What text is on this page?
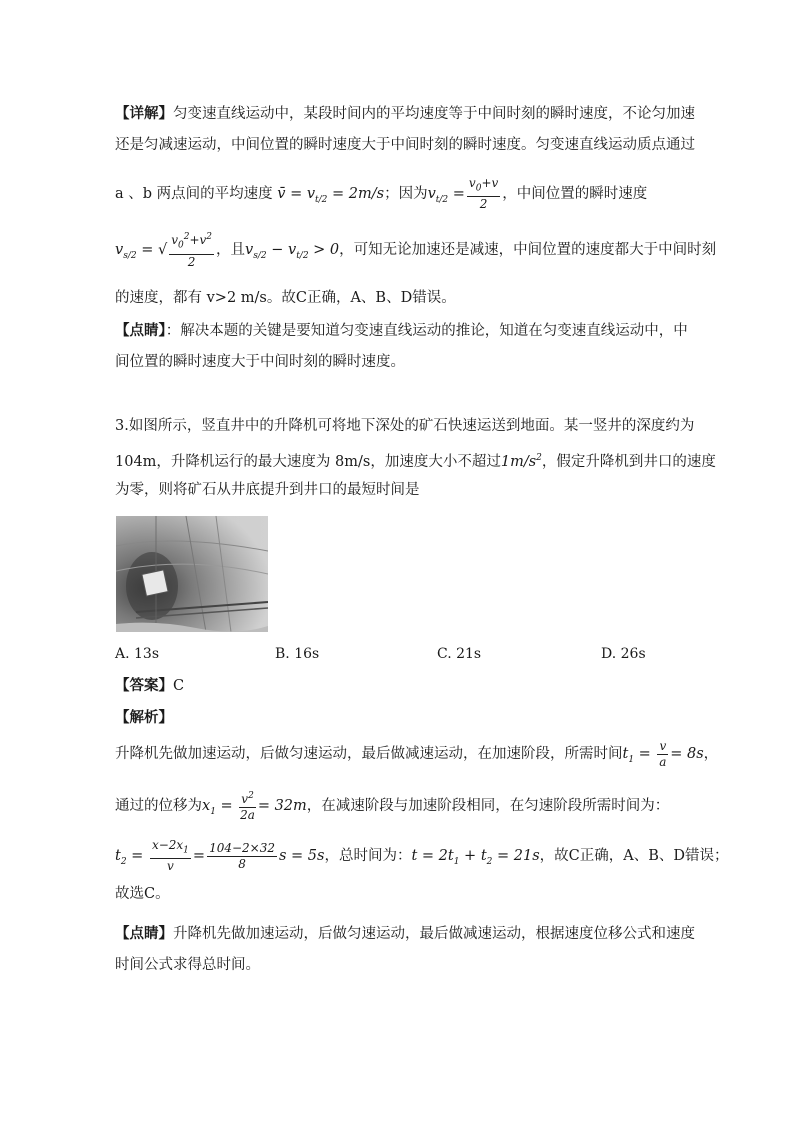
【详解】匀变速直线运动中，某段时间内的平均速度等于中间时刻的瞬时速度，不论匀加速
还是匀减速运动，中间位置的瞬时速度大于中间时刻的瞬时速度。匀变速直线运动质点通过
a 、b 两点间的平均速度 v̄ = $v_{t/2} = 2m/s$；因为$v_{t/2} = \frac{v_0+v}{2}$ ，中间位置的瞬时速度
$v_{s/2}$ = √ $\frac{v_0^2+v^2}{2}$ ，且$v_{s/2} - v_{t/2} > 0$，可知无论加速还是减速，中间位置的速度都大于中间时刻
的速度，都有 v>2 m/s。故C正确，A、B、D错误。
【点睛】：解决本题的关键是要知道匀变速直线运动的推论，知道在匀变速直线运动中，中
间位置的瞬时速度大于中间时刻的瞬时速度。
3.如图所示，竖直井中的升降机可将地下深处的矿石快速运送到地面。某一竖井的深度约为
104m，升降机运行的最大速度为 8m/s，加速度大小不超过$1m/s^2$，假定升降机到井口的速度
为零，则将矿石从井底提升到井口的最短时间是
A. 13s	B. 16s	C. 21s	D. 26s
【答案】C
【解析】
升降机先做加速运动，后做匀速运动，最后做减速运动，在加速阶段，所需时间$t_1 = \frac{v}{a} = 8s$，
通过的位移为$x_1 = \frac{v^2}{2a} = 32m$，在减速阶段与加速阶段相同，在匀速阶段所需时间为：
$t_2 = \frac{x-2x_1}{v} = \frac{104-2\times 32}{8}$ s = 5s，总时间为：$t = 2t_1 + t_2 = 21s$，故C正确，A、B、D错误；
故选C。
【点睛】升降机先做加速运动，后做匀速运动，最后做减速运动，根据速度位移公式和速度
时间公式求得总时间。
